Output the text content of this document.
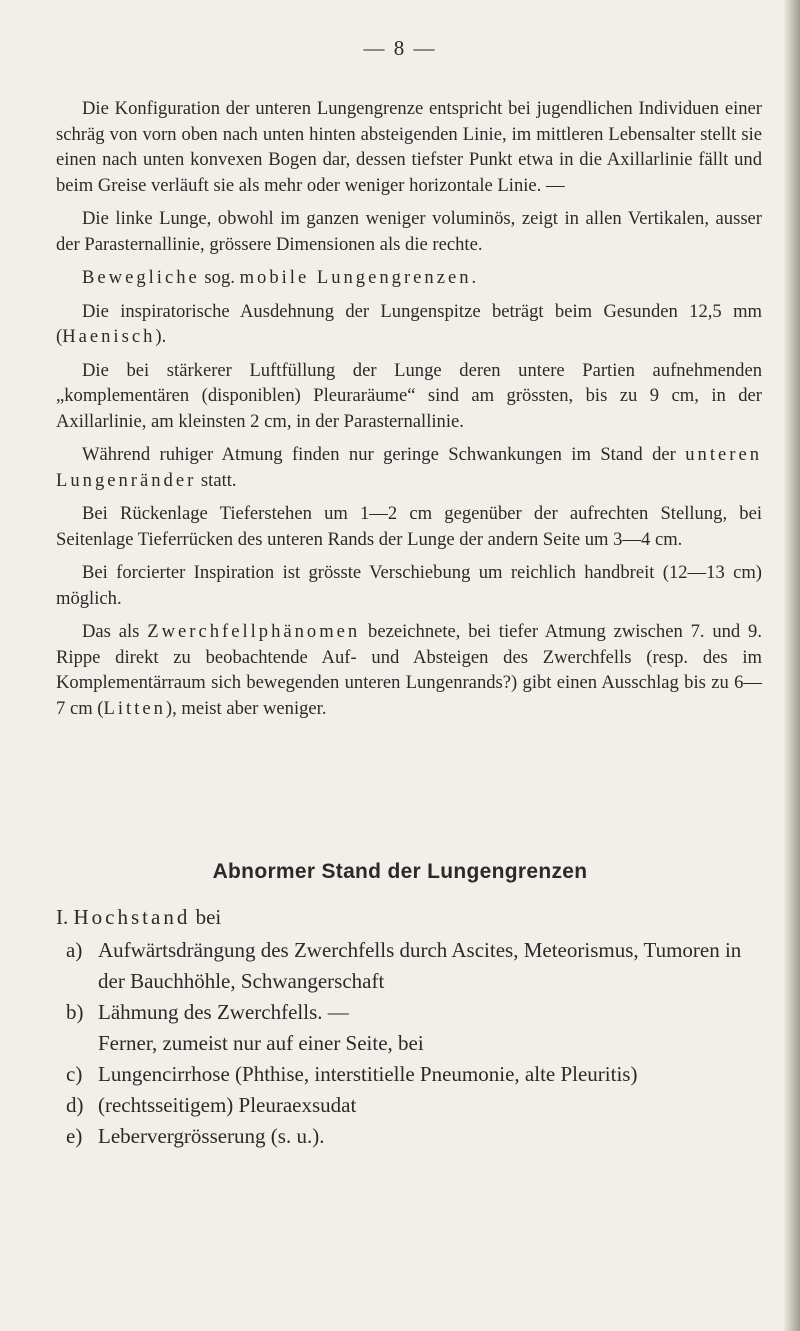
— 8 —

Die Konfiguration der unteren Lungengrenze entspricht bei jugendlichen Individuen einer schräg von vorn oben nach unten hinten absteigenden Linie, im mittleren Lebensalter stellt sie einen nach unten konvexen Bogen dar, dessen tiefster Punkt etwa in die Axillarlinie fällt und beim Greise verläuft sie als mehr oder weniger horizontale Linie. —

Die linke Lunge, obwohl im ganzen weniger voluminös, zeigt in allen Vertikalen, ausser der Parasternallinie, grössere Dimensionen als die rechte.

Bewegliche sog. mobile Lungengrenzen.

Die inspiratorische Ausdehnung der Lungenspitze beträgt beim Gesunden 12,5 mm (Haenisch).

Die bei stärkerer Luftfüllung der Lunge deren untere Partien aufnehmenden „komplementären (disponiblen) Pleuraräume“ sind am grössten, bis zu 9 cm, in der Axillarlinie, am kleinsten 2 cm, in der Parasternallinie.

Während ruhiger Atmung finden nur geringe Schwankungen im Stand der unteren Lungenränder statt.

Bei Rückenlage Tieferstehen um 1—2 cm gegenüber der aufrechten Stellung, bei Seitenlage Tieferrücken des unteren Rands der Lunge der andern Seite um 3—4 cm.

Bei forcierter Inspiration ist grösste Verschiebung um reichlich handbreit (12—13 cm) möglich.

Das als Zwerchfellphänomen bezeichnete, bei tiefer Atmung zwischen 7. und 9. Rippe direkt zu beobachtende Auf- und Absteigen des Zwerchfells (resp. des im Komplementärraum sich bewegenden unteren Lungenrands?) gibt einen Ausschlag bis zu 6—7 cm (Litten), meist aber weniger.

Abnormer Stand der Lungengrenzen

I. Hochstand bei

a) Aufwärtsdrängung des Zwerchfells durch Ascites, Meteorismus, Tumoren in der Bauchhöhle, Schwangerschaft
b) Lähmung des Zwerchfells. —

Ferner, zumeist nur auf einer Seite, bei

c) Lungencirrhose (Phthise, interstitielle Pneumonie, alte Pleuritis)
d) (rechtsseitigem) Pleuraexsudat
e) Lebervergrösserung (s. u.).
